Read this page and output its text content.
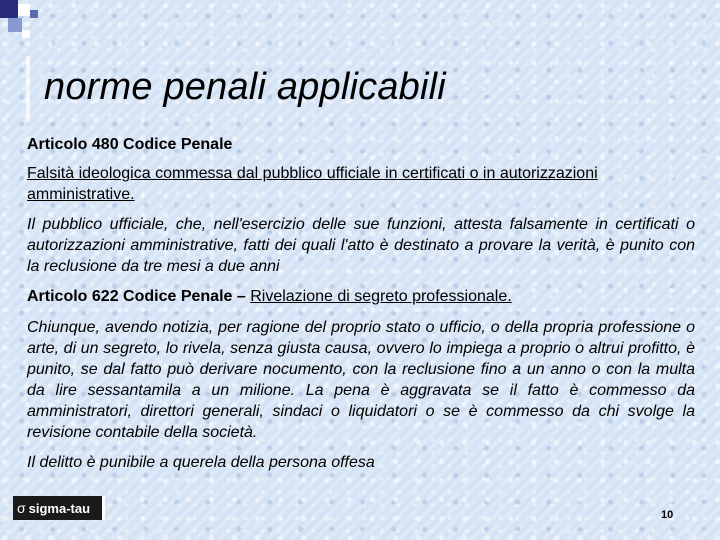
norme penali applicabili

Articolo 480 Codice Penale

Falsità ideologica commessa dal pubblico ufficiale in certificati o in autorizzazioni amministrative.

Il pubblico ufficiale, che, nell'esercizio delle sue funzioni, attesta falsamente in certificati o autorizzazioni amministrative, fatti dei quali l'atto è destinato a provare la verità, è punito con la reclusione da tre mesi a due anni

Articolo 622 Codice Penale – Rivelazione di segreto professionale.

Chiunque, avendo notizia, per ragione del proprio stato o ufficio, o della propria professione o arte, di un segreto, lo rivela, senza giusta causa, ovvero lo impiega a proprio o altrui profitto, è punito, se dal fatto può derivare nocumento, con la reclusione fino a un anno o con la multa da lire sessantamila a un milione. La pena è aggravata se il fatto è commesso da amministratori, direttori generali, sindaci o liquidatori o se è commesso da chi svolge la revisione contabile della società.

Il delitto è punibile a querela della persona offesa

σ sigma-tau	10
